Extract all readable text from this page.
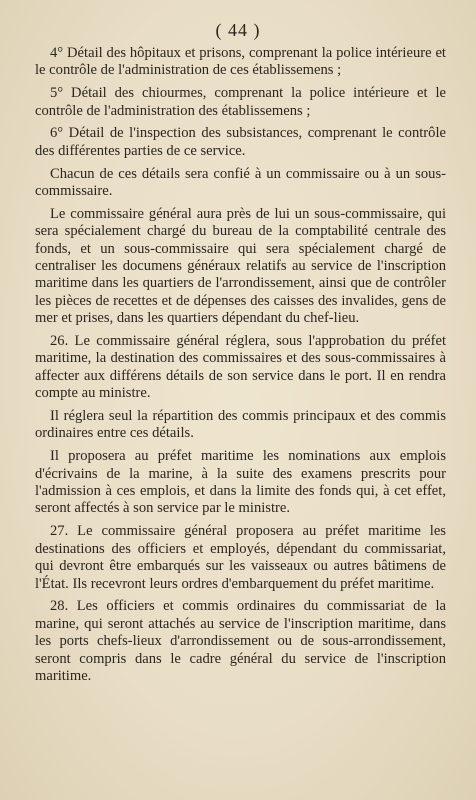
( 44 )

4° Détail des hôpitaux et prisons, comprenant la police intérieure et le contrôle de l'administration de ces établissemens ;

5° Détail des chiourmes, comprenant la police intérieure et le contrôle de l'administration des établissemens ;

6° Détail de l'inspection des subsistances, comprenant le contrôle des différentes parties de ce service.

Chacun de ces détails sera confié à un commissaire ou à un sous-commissaire.

Le commissaire général aura près de lui un sous-commissaire, qui sera spécialement chargé du bureau de la comptabilité centrale des fonds, et un sous-commissaire qui sera spécialement chargé de centraliser les documens généraux relatifs au service de l'inscription maritime dans les quartiers de l'arrondissement, ainsi que de contrôler les pièces de recettes et de dépenses des caisses des invalides, gens de mer et prises, dans les quartiers dépendant du chef-lieu.

26. Le commissaire général réglera, sous l'approbation du préfet maritime, la destination des commissaires et des sous-commissaires à affecter aux différens détails de son service dans le port. Il en rendra compte au ministre.

Il réglera seul la répartition des commis principaux et des commis ordinaires entre ces détails.

Il proposera au préfet maritime les nominations aux emplois d'écrivains de la marine, à la suite des examens prescrits pour l'admission à ces emplois, et dans la limite des fonds qui, à cet effet, seront affectés à son service par le ministre.

27. Le commissaire général proposera au préfet maritime les destinations des officiers et employés, dépendant du commissariat, qui devront être embarqués sur les vaisseaux ou autres bâtimens de l'État. Ils recevront leurs ordres d'embarquement du préfet maritime.

28. Les officiers et commis ordinaires du commissariat de la marine, qui seront attachés au service de l'inscription maritime, dans les ports chefs-lieux d'arrondissement ou de sous-arrondissement, seront compris dans le cadre général du service de l'inscription maritime.
